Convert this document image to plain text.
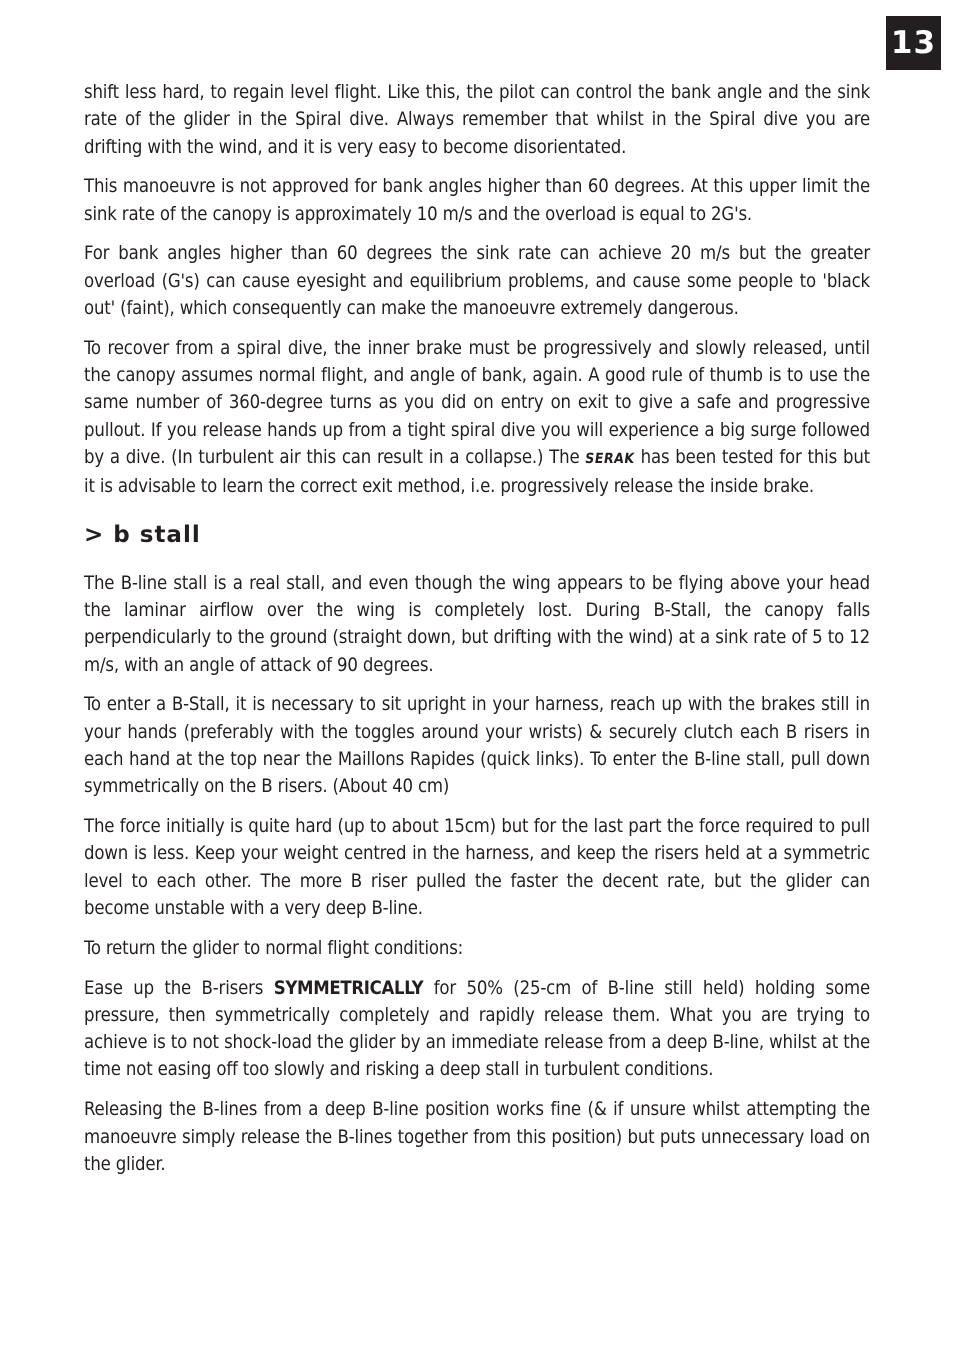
13

shift less hard, to regain level flight. Like this, the pilot can control the bank angle and the sink rate of the glider in the Spiral dive. Always remember that whilst in the Spiral dive you are drifting with the wind, and it is very easy to become disorientated.

This manoeuvre is not approved for bank angles higher than 60 degrees. At this upper limit the sink rate of the canopy is approximately 10 m/s and the overload is equal to 2G's.

For bank angles higher than 60 degrees the sink rate can achieve 20 m/s but the greater overload (G's) can cause eyesight and equilibrium problems, and cause some people to 'black out' (faint), which consequently can make the manoeuvre extremely dangerous.

To recover from a spiral dive, the inner brake must be progressively and slowly released, until the canopy assumes normal flight, and angle of bank, again. A good rule of thumb is to use the same number of 360-degree turns as you did on entry on exit to give a safe and progressive pullout. If you release hands up from a tight spiral dive you will experience a big surge followed by a dive. (In turbulent air this can result in a collapse.) The SERAK has been tested for this but it is advisable to learn the correct exit method, i.e. progressively release the inside brake.

> b stall

The B-line stall is a real stall, and even though the wing appears to be flying above your head the laminar airflow over the wing is completely lost. During B-Stall, the canopy falls perpendicularly to the ground (straight down, but drifting with the wind) at a sink rate of 5 to 12 m/s, with an angle of attack of 90 degrees.

To enter a B-Stall, it is necessary to sit upright in your harness, reach up with the brakes still in your hands (preferably with the toggles around your wrists) & securely clutch each B risers in each hand at the top near the Maillons Rapides (quick links). To enter the B-line stall, pull down symmetrically on the B risers. (About 40 cm)

The force initially is quite hard (up to about 15cm) but for the last part the force required to pull down is less. Keep your weight centred in the harness, and keep the risers held at a symmetric level to each other. The more B riser pulled the faster the decent rate, but the glider can become unstable with a very deep B-line.

To return the glider to normal flight conditions:

Ease up the B-risers SYMMETRICALLY for 50% (25-cm of B-line still held) holding some pressure, then symmetrically completely and rapidly release them. What you are trying to achieve is to not shock-load the glider by an immediate release from a deep B-line, whilst at the time not easing off too slowly and risking a deep stall in turbulent conditions.

Releasing the B-lines from a deep B-line position works fine (& if unsure whilst attempting the manoeuvre simply release the B-lines together from this position) but puts unnecessary load on the glider.
